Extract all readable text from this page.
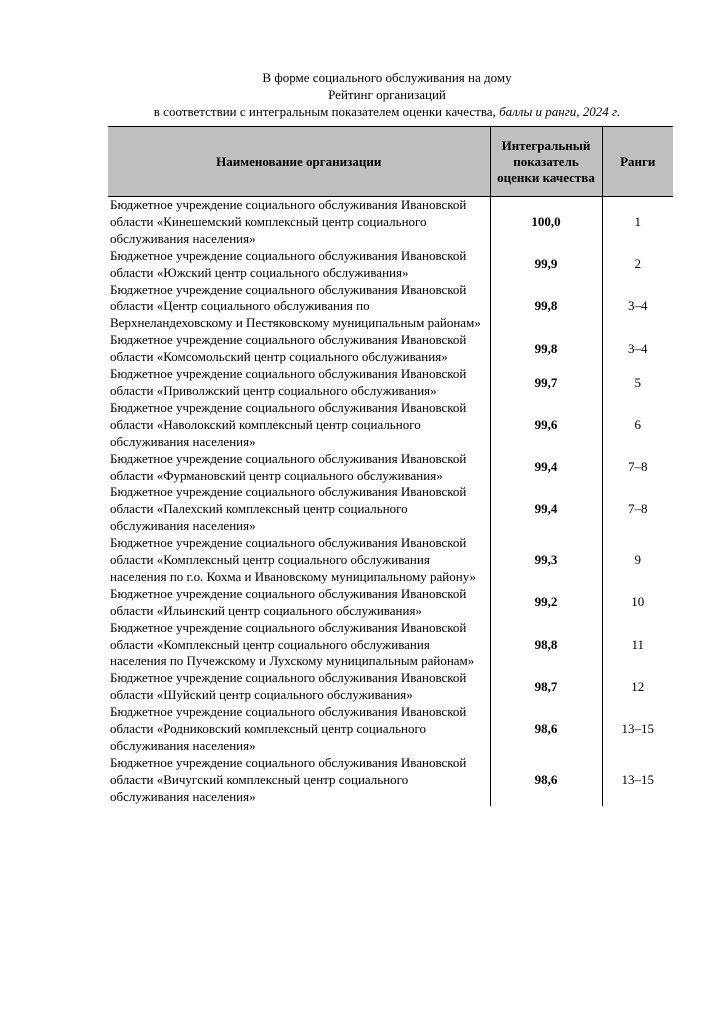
В форме социального обслуживания на дому
Рейтинг организаций
в соответствии с интегральным показателем оценки качества, баллы и ранги, 2024 г.
Наименование организации	Интегральный показатель оценки качества	Ранги
Бюджетное учреждение социального обслуживания Ивановской области «Кинешемский комплексный центр социального обслуживания населения»	100,0	1
Бюджетное учреждение социального обслуживания Ивановской области «Южский центр социального обслуживания»	99,9	2
Бюджетное учреждение социального обслуживания Ивановской области «Центр социального обслуживания по Верхнеландеховскому и Пестяковскому муниципальным районам»	99,8	3–4
Бюджетное учреждение социального обслуживания Ивановской области «Комсомольский центр социального обслуживания»	99,8	3–4
Бюджетное учреждение социального обслуживания Ивановской области «Приволжский центр социального обслуживания»	99,7	5
Бюджетное учреждение социального обслуживания Ивановской области «Наволокский комплексный центр социального обслуживания населения»	99,6	6
Бюджетное учреждение социального обслуживания Ивановской области «Фурмановский центр социального обслуживания»	99,4	7–8
Бюджетное учреждение социального обслуживания Ивановской области «Палехский комплексный центр социального обслуживания населения»	99,4	7–8
Бюджетное учреждение социального обслуживания Ивановской области «Комплексный центр социального обслуживания населения по г.о. Кохма и Ивановскому муниципальному району»	99,3	9
Бюджетное учреждение социального обслуживания Ивановской области «Ильинский центр социального обслуживания»	99,2	10
Бюджетное учреждение социального обслуживания Ивановской области «Комплексный центр социального обслуживания населения по Пучежскому и Лухскому муниципальным районам»	98,8	11
Бюджетное учреждение социального обслуживания Ивановской области «Шуйский центр социального обслуживания»	98,7	12
Бюджетное учреждение социального обслуживания Ивановской области «Родниковский комплексный центр социального обслуживания населения»	98,6	13–15
Бюджетное учреждение социального обслуживания Ивановской области «Вичугский комплексный центр социального обслуживания населения»	98,6	13–15
